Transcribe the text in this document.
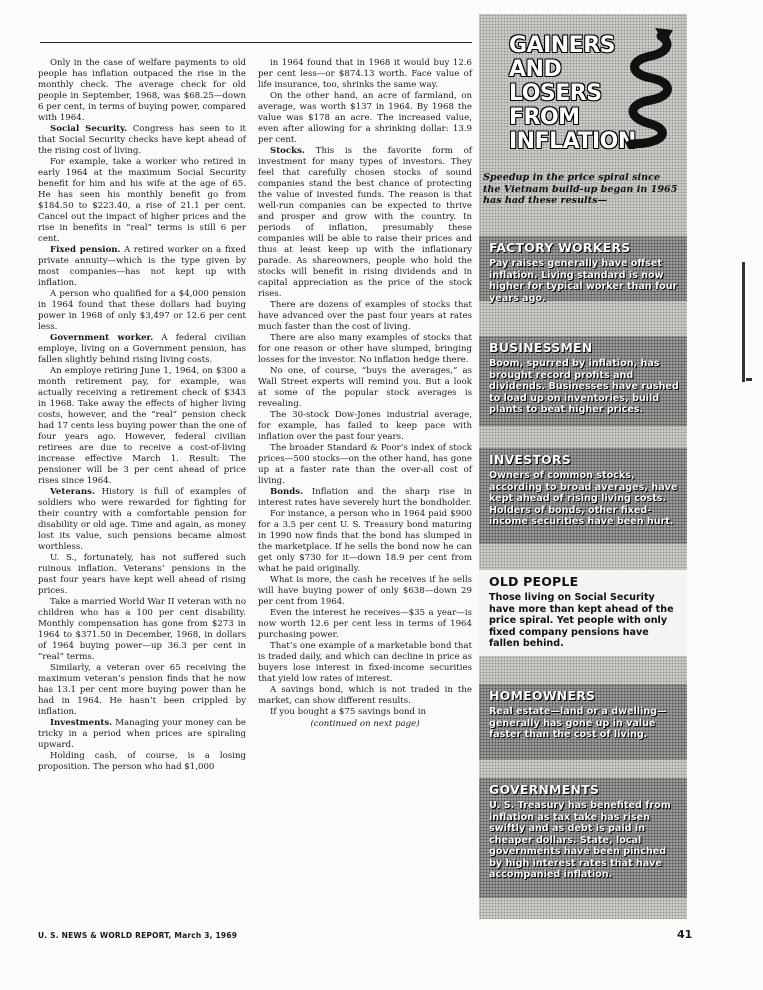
Only in the case of welfare payments to old people has inflation outpaced the rise in the monthly check. The average check for old people in September, 1968, was $68.25—down 6 per cent, in terms of buying power, compared with 1964.

Social Security. Congress has seen to it that Social Security checks have kept ahead of the rising cost of living.

For example, take a worker who retired in early 1964 at the maximum Social Security benefit for him and his wife at the age of 65. He has seen his monthly benefit go from $184.50 to $223.40, a rise of 21.1 per cent. Cancel out the impact of higher prices and the rise in benefits in “real” terms is still 6 per cent.

Fixed pension. A retired worker on a fixed private annuity—which is the type given by most companies—has not kept up with inflation.

A person who qualified for a $4,000 pension in 1964 found that these dollars had buying power in 1968 of only $3,497 or 12.6 per cent less.

Government worker. A federal civilian employe, living on a Government pension, has fallen slightly behind rising living costs.

An employe retiring June 1, 1964, on $300 a month retirement pay, for example, was actually receiving a retirement check of $343 in 1968. Take away the effects of higher living costs, however, and the “real” pension check had 17 cents less buying power than the one of four years ago. However, federal civilian retirees are due to receive a cost-of-living increase effective March 1. Result: The pensioner will be 3 per cent ahead of price rises since 1964.

Veterans. History is full of examples of soldiers who were rewarded for fighting for their country with a comfortable pension for disability or old age. Time and again, as money lost its value, such pensions became almost worthless.

U. S., fortunately, has not suffered such ruinous inflation. Veterans’ pensions in the past four years have kept well ahead of rising prices.

Take a married World War II veteran with no children who has a 100 per cent disability. Monthly compensation has gone from $273 in 1964 to $371.50 in December, 1968, in dollars of 1964 buying power—up 36.3 per cent in “real” terms.

Similarly, a veteran over 65 receiving the maximum veteran’s pension finds that he now has 13.1 per cent more buying power than he had in 1964. He hasn’t been crippled by inflation.

Investments. Managing your money can be tricky in a period when prices are spiraling upward.

Holding cash, of course, is a losing proposition. The person who had $1,000

in 1964 found that in 1968 it would buy 12.6 per cent less—or $874.13 worth. Face value of life insurance, too, shrinks the same way.

On the other hand, an acre of farmland, on average, was worth $137 in 1964. By 1968 the value was $178 an acre. The increased value, even after allowing for a shrinking dollar: 13.9 per cent.

Stocks. This is the favorite form of investment for many types of investors. They feel that carefully chosen stocks of sound companies stand the best chance of protecting the value of invested funds. The reason is that well-run companies can be expected to thrive and prosper and grow with the country. In periods of inflation, presumably these companies will be able to raise their prices and thus at least keep up with the inflationary parade. As shareowners, people who hold the stocks will benefit in rising dividends and in capital appreciation as the price of the stock rises.

There are dozens of examples of stocks that have advanced over the past four years at rates much faster than the cost of living.

There are also many examples of stocks that for one reason or other have slumped, bringing losses for the investor. No inflation hedge there.

No one, of course, “buys the averages,” as Wall Street experts will remind you. But a look at some of the popular stock averages is revealing.

The 30-stock Dow-Jones industrial average, for example, has failed to keep pace with inflation over the past four years.

The broader Standard & Poor’s index of stock prices—500 stocks—on the other hand, has gone up at a faster rate than the over-all cost of living.

Bonds. Inflation and the sharp rise in interest rates have severely hurt the bondholder.

For instance, a person who in 1964 paid $900 for a 3.5 per cent U. S. Treasury bond maturing in 1990 now finds that the bond has slumped in the marketplace. If he sells the bond now he can get only $730 for it—down 18.9 per cent from what he paid originally.

What is more, the cash he receives if he sells will have buying power of only $638—down 29 per cent from 1964.

Even the interest he receives—$35 a year—is now worth 12.6 per cent less in terms of 1964 purchasing power.

That’s one example of a marketable bond that is traded daily, and which can decline in price as buyers lose interest in fixed-income securities that yield low rates of interest.

A savings bond, which is not traded in the market, can show different results.

If you bought a $75 savings bond in

(continued on next page)

GAINERS AND
LOSERS FROM
INFLATION
Speedup in the price spiral since the Vietnam build-up began in 1965 has had these results—
FACTORY WORKERS
Pay raises generally have offset inflation. Living standard is now higher for typical worker than four years ago.
BUSINESSMEN
Boom, spurred by inflation, has brought record profits and dividends. Businesses have rushed to load up on inventories, build plants to beat higher prices.
INVESTORS
Owners of common stocks, according to broad averages, have kept ahead of rising living costs. Holders of bonds, other fixed-income securities have been hurt.
OLD PEOPLE
Those living on Social Security have more than kept ahead of the price spiral. Yet people with only fixed company pensions have fallen behind.
HOMEOWNERS
Real estate—land or a dwelling—generally has gone up in value faster than the cost of living.
GOVERNMENTS
U. S. Treasury has benefited from inflation as tax take has risen swiftly and as debt is paid in cheaper dollars. State, local governments have been pinched by high interest rates that have accompanied inflation.
U. S. NEWS & WORLD REPORT, March 3, 1969	41
